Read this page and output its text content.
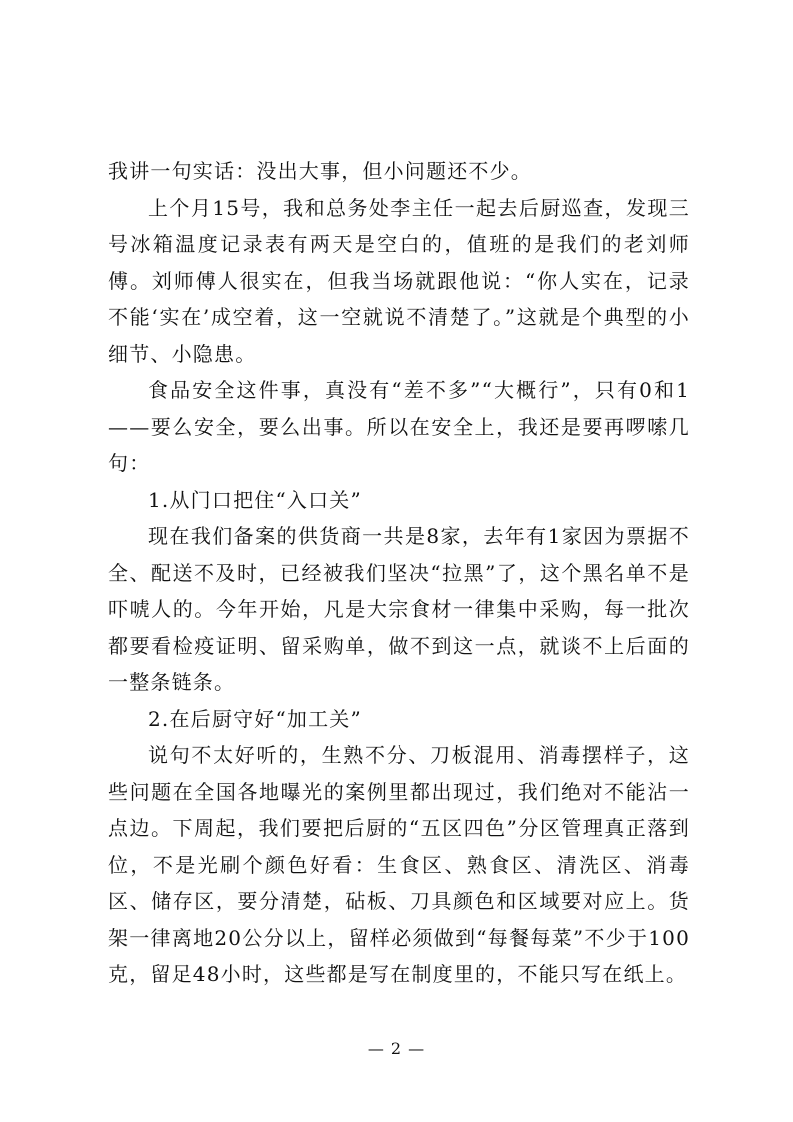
我讲一句实话：没出大事，但小问题还不少。

上个月15号，我和总务处李主任一起去后厨巡查，发现三号冰箱温度记录表有两天是空白的，值班的是我们的老刘师傅。刘师傅人很实在，但我当场就跟他说：“你人实在，记录不能‘实在’成空着，这一空就说不清楚了。”这就是个典型的小细节、小隐患。

食品安全这件事，真没有“差不多”“大概行”，只有0和1——要么安全，要么出事。所以在安全上，我还是要再啰嗦几句：

1.从门口把住“入口关”

现在我们备案的供货商一共是8家，去年有1家因为票据不全、配送不及时，已经被我们坚决“拉黑”了，这个黑名单不是吓唬人的。今年开始，凡是大宗食材一律集中采购，每一批次都要看检疫证明、留采购单，做不到这一点，就谈不上后面的一整条链条。

2.在后厨守好“加工关”

说句不太好听的，生熟不分、刀板混用、消毒摆样子，这些问题在全国各地曝光的案例里都出现过，我们绝对不能沾一点边。下周起，我们要把后厨的“五区四色”分区管理真正落到位，不是光刷个颜色好看：生食区、熟食区、清洗区、消毒区、储存区，要分清楚，砧板、刀具颜色和区域要对应上。货架一律离地20公分以上，留样必须做到“每餐每菜”不少于100克，留足48小时，这些都是写在制度里的，不能只写在纸上。

— 2 —
